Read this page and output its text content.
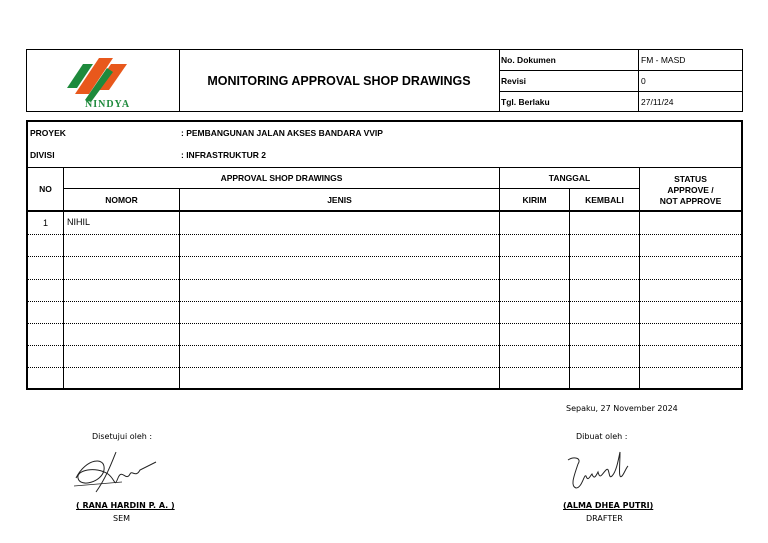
NINDYA
MONITORING APPROVAL SHOP DRAWINGS
No. Dokumen	FM - MASD
Revisi	0
Tgl. Berlaku	27/11/24
PROYEK	: PEMBANGUNAN JALAN AKSES BANDARA VVIP
DIVISI	: INFRASTRUKTUR 2
NO
APPROVAL SHOP DRAWINGS
NOMOR	JENIS
TANGGAL
KIRIM	KEMBALI
STATUS
APPROVE /
NOT APPROVE
1	NIHIL
Sepaku, 27 November 2024
Disetujui oleh :
( RANA HARDIN P. A. )
SEM
Dibuat oleh :
(ALMA DHEA PUTRI)
DRAFTER
